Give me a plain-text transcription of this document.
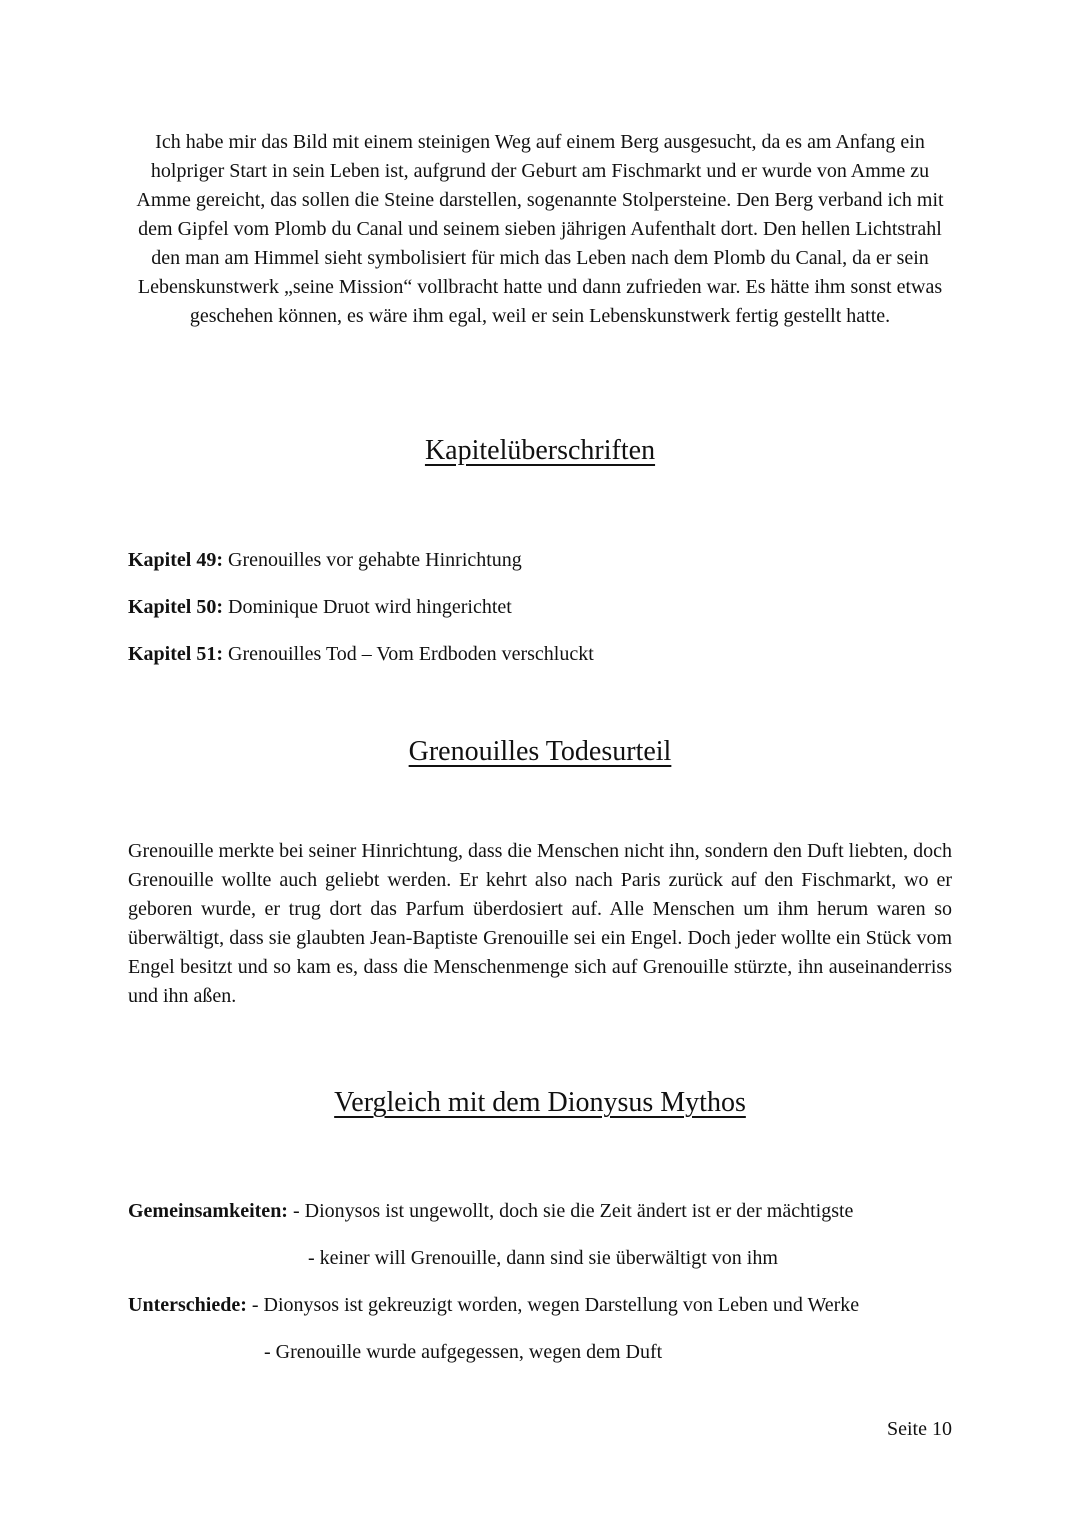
Ich habe mir das Bild mit einem steinigen Weg auf einem Berg ausgesucht, da es am Anfang ein holpriger Start in sein Leben ist, aufgrund der Geburt am Fischmarkt und er wurde von Amme zu Amme gereicht, das sollen die Steine darstellen, sogenannte Stolpersteine. Den Berg verband ich mit dem Gipfel vom Plomb du Canal und seinem sieben jährigen Aufenthalt dort. Den hellen Lichtstrahl den man am Himmel sieht symbolisiert für mich das Leben nach dem Plomb du Canal, da er sein Lebenskunstwerk „seine Mission“ vollbracht hatte und dann zufrieden war. Es hätte ihm sonst etwas geschehen können, es wäre ihm egal, weil er sein Lebenskunstwerk fertig gestellt hatte.

Kapitelüberschriften

Kapitel 49: Grenouilles vor gehabte Hinrichtung

Kapitel 50: Dominique Druot wird hingerichtet

Kapitel 51: Grenouilles Tod – Vom Erdboden verschluckt

Grenouilles Todesurteil

Grenouille merkte bei seiner Hinrichtung, dass die Menschen nicht ihn, sondern den Duft liebten, doch Grenouille wollte auch geliebt werden. Er kehrt also nach Paris zurück auf den Fischmarkt, wo er geboren wurde, er trug dort das Parfum überdosiert auf. Alle Menschen um ihm herum waren so überwältigt, dass sie glaubten Jean-Baptiste Grenouille sei ein Engel. Doch jeder wollte ein Stück vom Engel besitzt und so kam es, dass die Menschenmenge sich auf Grenouille stürzte, ihn auseinanderriss und ihn aßen.

Vergleich mit dem Dionysus Mythos

Gemeinsamkeiten: - Dionysos ist ungewollt, doch sie die Zeit ändert ist er der mächtigste

- keiner will Grenouille, dann sind sie überwältigt von ihm

Unterschiede: - Dionysos ist gekreuzigt worden, wegen Darstellung von Leben und Werke

- Grenouille wurde aufgegessen, wegen dem Duft

Seite 10
